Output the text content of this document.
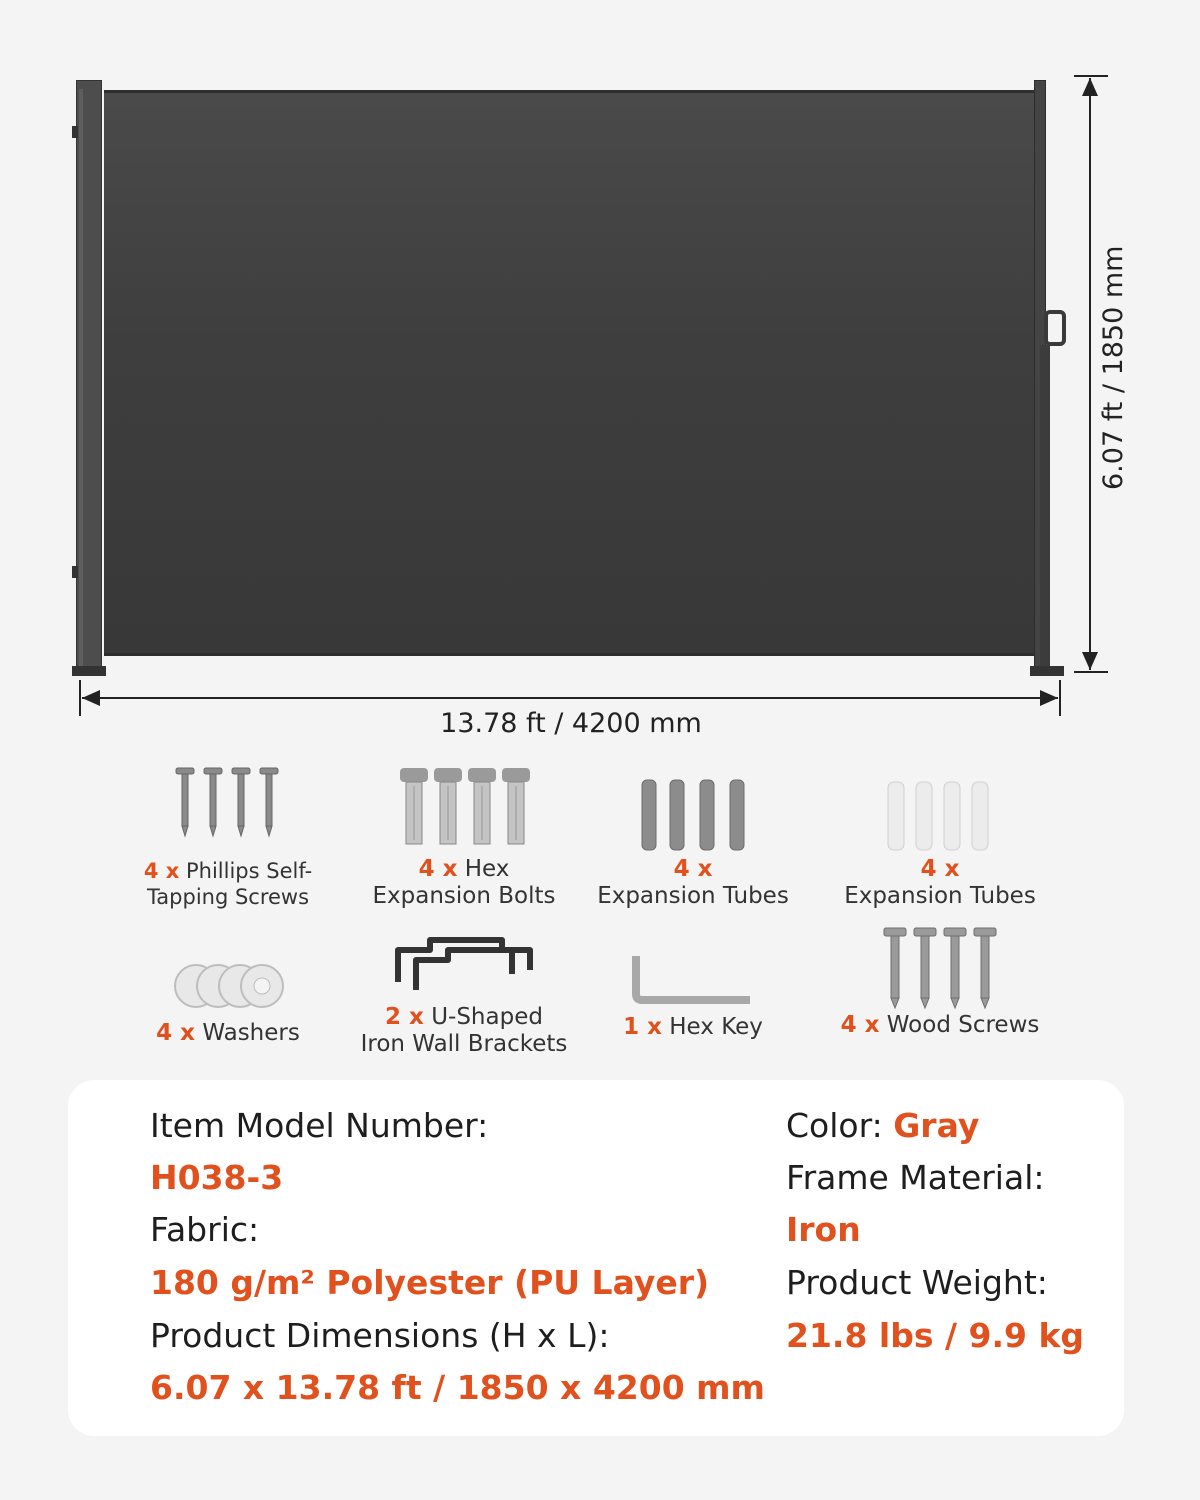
6.07 ft / 1850 mm
13.78 ft / 4200 mm
4 x Phillips Self-
Tapping Screws
4 x Hex
Expansion Bolts
4 x
Expansion Tubes
4 x
Expansion Tubes
4 x Washers
2 x U-Shaped
Iron Wall Brackets
1 x Hex Key	4 x Wood Screws
Item Model Number:
H038-3
Fabric:
180 g/m² Polyester (PU Layer)
Product Dimensions (H x L):
6.07 x 13.78 ft / 1850 x 4200 mm
Color: Gray
Frame Material:
Iron
Product Weight:
21.8 lbs / 9.9 kg
